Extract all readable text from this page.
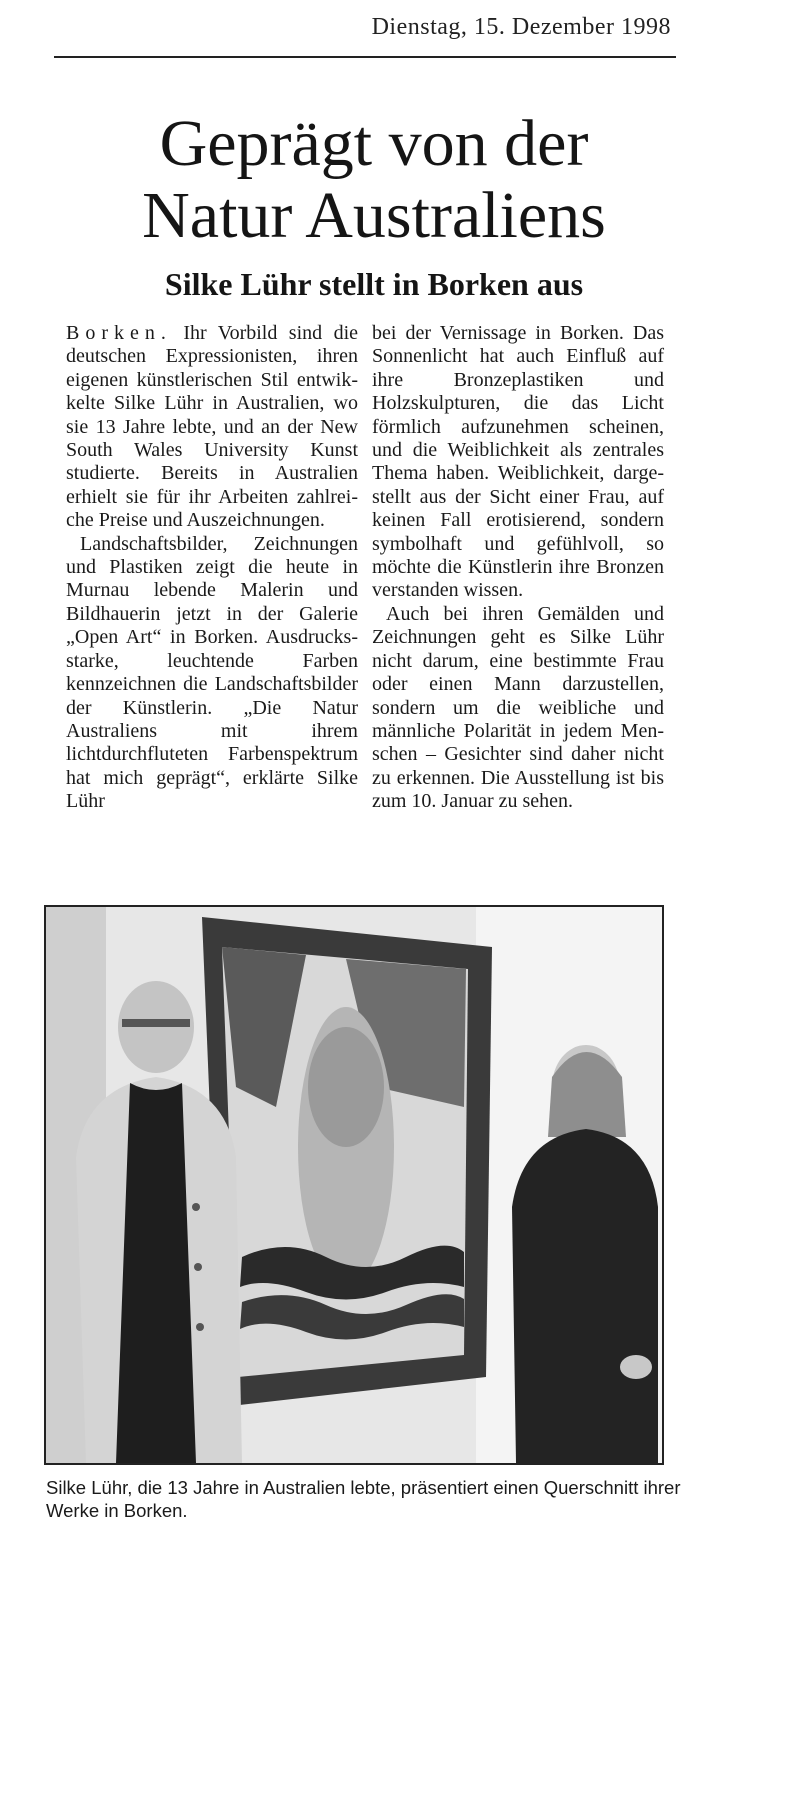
Dienstag, 15. Dezember 1998
Geprägt von der
Natur Australiens
Silke Lühr stellt in Borken aus

Borken. Ihr Vorbild sind die deutschen Expressionisten, ihren eigenen künstlerischen Stil entwikkelte Silke Lühr in Australien, wo sie 13 Jahre lebte, und an der New South Wales University Kunst studierte. Bereits in Australien erhielt sie für ihr Arbeiten zahlreiche Preise und Auszeichnungen.

Landschaftsbilder, Zeichnungen und Plastiken zeigt die heute in Murnau lebende Malerin und Bildhauerin jetzt in der Galerie „Open Art“ in Borken. Ausdrucksstarke, leuchtende Farben kennzeichnen die Landschaftsbilder der Künstlerin. „Die Natur Australiens mit ihrem lichtdurchfluteten Farbenspektrum hat mich geprägt“, erklärte Silke Lühr

bei der Vernissage in Borken. Das Sonnenlicht hat auch Einfluß auf ihre Bronzeplastiken und Holzskulpturen, die das Licht förmlich aufzunehmen scheinen, und die Weiblichkeit als zentrales Thema haben. Weiblichkeit, dargestellt aus der Sicht einer Frau, auf keinen Fall erotisierend, sondern symbolhaft und gefühlvoll, so möchte die Künstlerin ihre Bronzen verstanden wissen.

Auch bei ihren Gemälden und Zeichnungen geht es Silke Lühr nicht darum, eine bestimmte Frau oder einen Mann darzustellen, sondern um die weibliche und männliche Polarität in jedem Menschen – Gesichter sind daher nicht zu erkennen. Die Ausstellung ist bis zum 10. Januar zu sehen.

Silke Lühr, die 13 Jahre in Australien lebte, präsentiert einen Querschnitt ihrer Werke in Borken.
